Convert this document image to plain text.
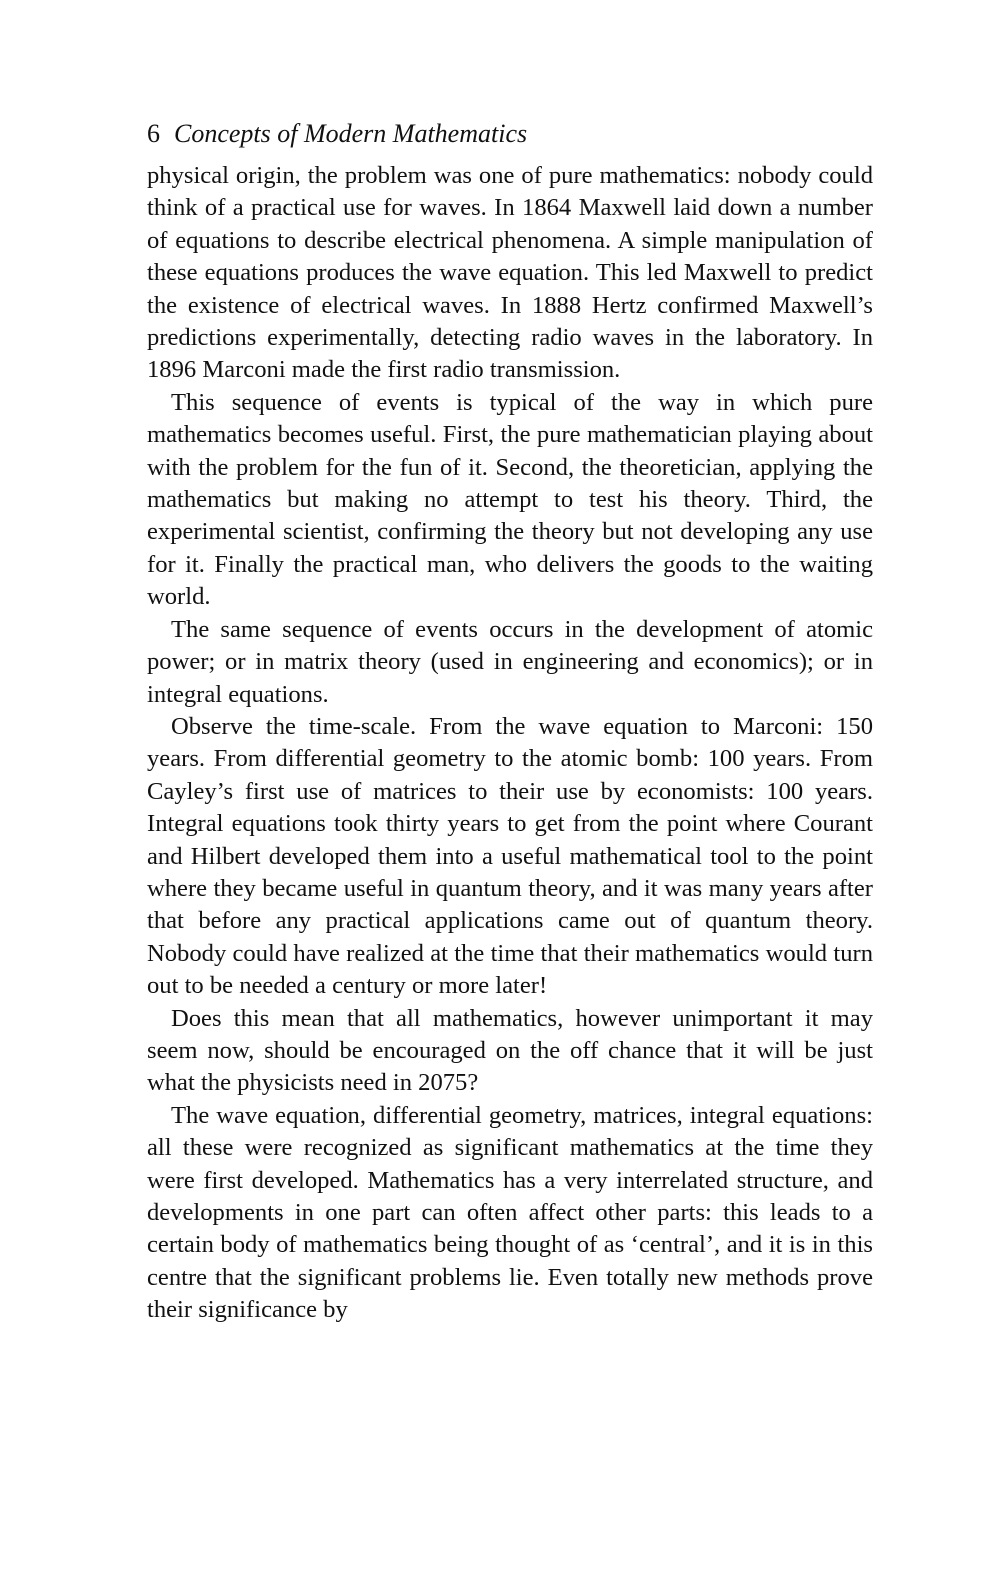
6 Concepts of Modern Mathematics

physical origin, the problem was one of pure mathematics: nobody could think of a practical use for waves. In 1864 Maxwell laid down a number of equations to describe electrical phenomena. A simple manipulation of these equations produces the wave equation. This led Maxwell to predict the existence of electrical waves. In 1888 Hertz confirmed Maxwell’s predictions experimentally, detecting radio waves in the laboratory. In 1896 Marconi made the first radio transmission.

This sequence of events is typical of the way in which pure mathematics becomes useful. First, the pure mathematician playing about with the problem for the fun of it. Second, the theoretician, applying the mathematics but making no attempt to test his theory. Third, the experimental scientist, confirming the theory but not developing any use for it. Finally the practical man, who delivers the goods to the waiting world.

The same sequence of events occurs in the development of atomic power; or in matrix theory (used in engineering and economics); or in integral equations.

Observe the time-scale. From the wave equation to Marconi: 150 years. From differential geometry to the atomic bomb: 100 years. From Cayley’s first use of matrices to their use by economists: 100 years. Integral equations took thirty years to get from the point where Courant and Hilbert developed them into a useful mathematical tool to the point where they became useful in quantum theory, and it was many years after that before any practical applications came out of quantum theory. Nobody could have realized at the time that their mathematics would turn out to be needed a century or more later!

Does this mean that all mathematics, however unimportant it may seem now, should be encouraged on the off chance that it will be just what the physicists need in 2075?

The wave equation, differential geometry, matrices, integral equations: all these were recognized as significant mathematics at the time they were first developed. Mathematics has a very interrelated structure, and developments in one part can often affect other parts: this leads to a certain body of mathematics being thought of as ‘central’, and it is in this centre that the significant problems lie. Even totally new methods prove their significance by
